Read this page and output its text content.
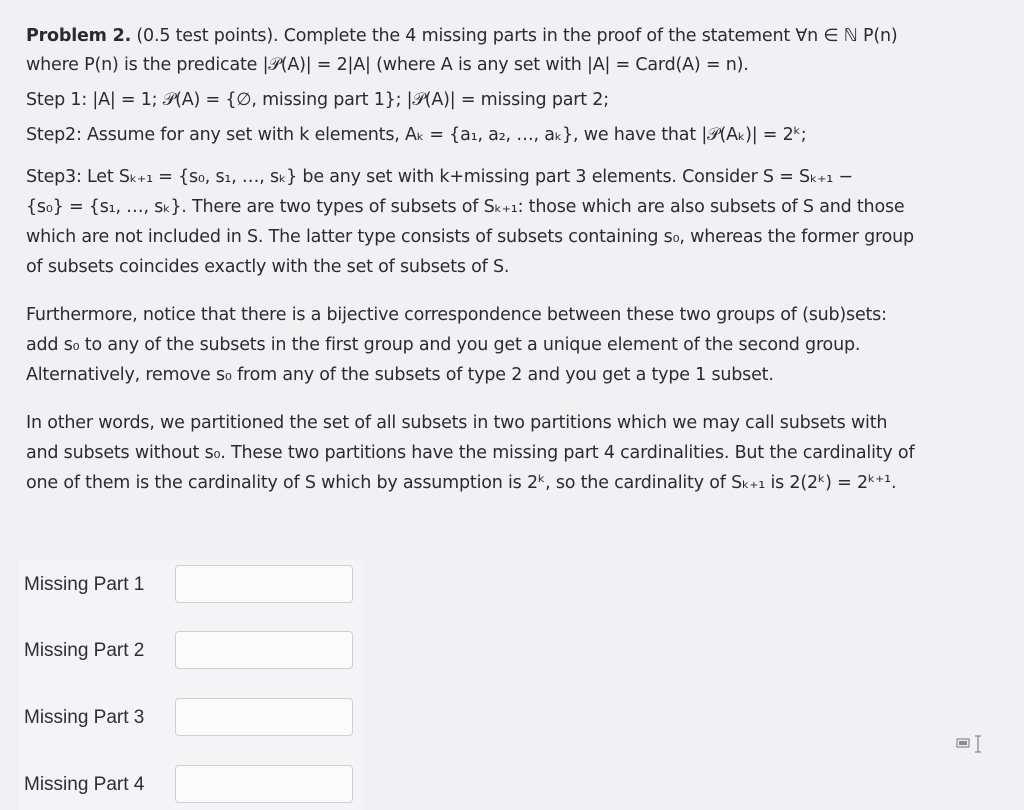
Problem 2. (0.5 test points). Complete the 4 missing parts in the proof of the statement ∀n ∈ ℕ P(n)

where P(n) is the predicate |𝒫(A)| = 2|A| (where A is any set with |A| = Card(A) = n).

Step 1: |A| = 1; 𝒫(A) = {∅, missing part 1}; |𝒫(A)| = missing part 2;

Step2: Assume for any set with k elements, Aₖ = {a₁, a₂, …, aₖ}, we have that |𝒫(Aₖ)| = 2ᵏ;

Step3: Let Sₖ₊₁ = {s₀, s₁, …, sₖ} be any set with k+missing part 3 elements. Consider S = Sₖ₊₁ −

{s₀} = {s₁, …, sₖ}. There are two types of subsets of Sₖ₊₁: those which are also subsets of S and those

which are not included in S. The latter type consists of subsets containing s₀, whereas the former group

of subsets coincides exactly with the set of subsets of S.

Furthermore, notice that there is a bijective correspondence between these two groups of (sub)sets:

add s₀ to any of the subsets in the first group and you get a unique element of the second group.

Alternatively, remove s₀ from any of the subsets of type 2 and you get a type 1 subset.

In other words, we partitioned the set of all subsets in two partitions which we may call subsets with

and subsets without s₀. These two partitions have the missing part 4 cardinalities. But the cardinality of

one of them is the cardinality of S which by assumption is 2ᵏ, so the cardinality of Sₖ₊₁ is 2(2ᵏ) = 2ᵏ⁺¹.

Missing Part 1
Missing Part 2
Missing Part 3
Missing Part 4
